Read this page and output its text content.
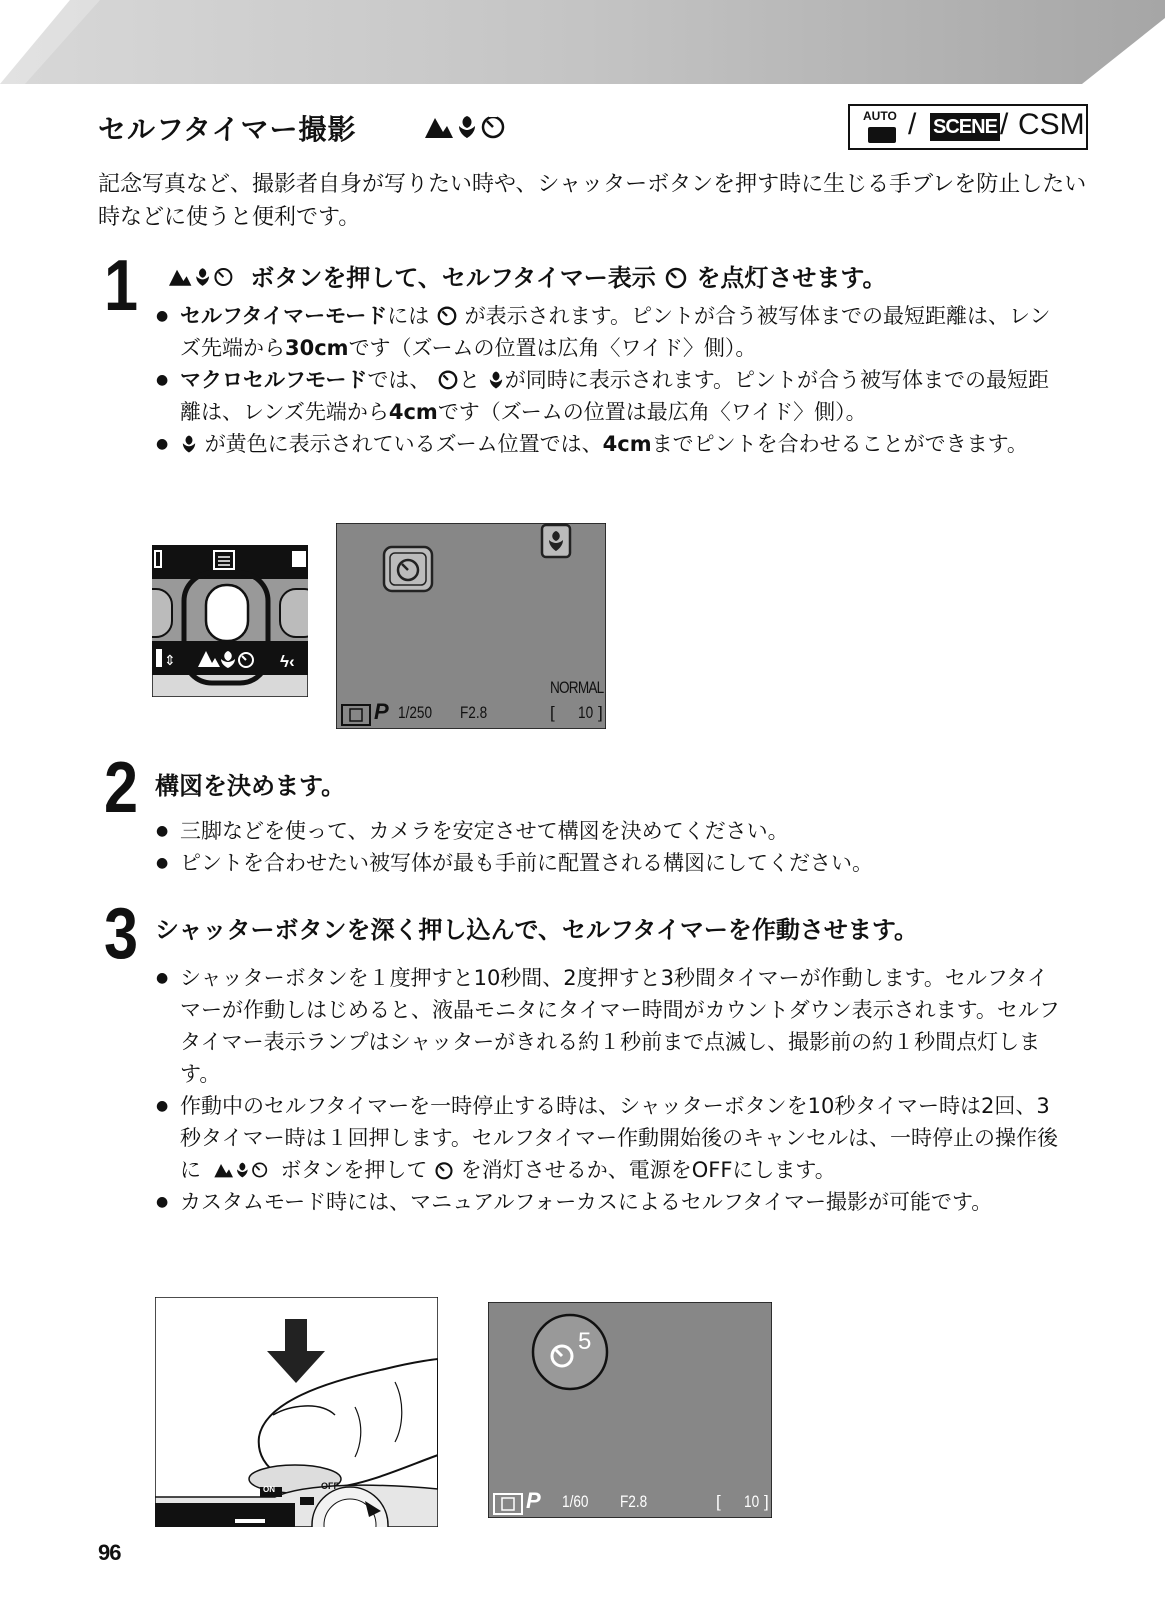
セルフタイマー撮影	AUTO / SCENE / CSM
記念写真など、撮影者自身が写りたい時や、シャッターボタンを押す時に生じる手ブレを防止したい時などに使うと便利です。
1	ボタンを押して、セルフタイマー表示 を点灯させます。
● セルフタイマーモードには が表示されます。ピントが合う被写体までの最短距離は、レンズ先端から30cmです（ズームの位置は広角〈ワイド〉側）。
● マクロセルフモードでは、 と が同時に表示されます。ピントが合う被写体までの最短距離は、レンズ先端から4cmです（ズームの位置は最広角〈ワイド〉側）。
● が黄色に表示されているズーム位置では、4cmまでピントを合わせることができます。
⇕	ϟ‹
NORMAL
P 1/250 F2.8	[ 10 ]
2 構図を決めます。
● 三脚などを使って、カメラを安定させて構図を決めてください。
● ピントを合わせたい被写体が最も手前に配置される構図にしてください。
3 シャッターボタンを深く押し込んで、セルフタイマーを作動させます。
● シャッターボタンを１度押すと10秒間、2度押すと3秒間タイマーが作動します。セルフタイマーが作動しはじめると、液晶モニタにタイマー時間がカウントダウン表示されます。セルフタイマー表示ランプはシャッターがきれる約１秒前まで点滅し、撮影前の約１秒間点灯します。
● 作動中のセルフタイマーを一時停止する時は、シャッターボタンを10秒タイマー時は2回、3秒タイマー時は１回押します。セルフタイマー作動開始後のキャンセルは、一時停止の操作後に	ボタンを押して を消灯させるか、電源をOFFにします。
● カスタムモード時には、マニュアルフォーカスによるセルフタイマー撮影が可能です。
ON	OFF
5
P 1/60 F2.8	[ 10 ]
96
